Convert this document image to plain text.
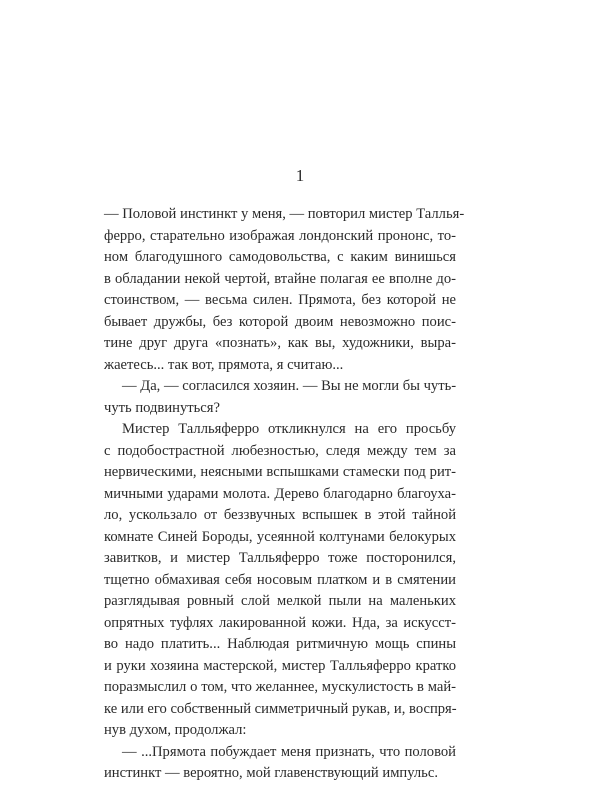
1
— Половой инстинкт у меня, — повторил мистер Таллья-
ферро, старательно изображая лондонский прононс, то-
ном благодушного самодовольства, с каким винишься
в обладании некой чертой, втайне полагая ее вполне до-
стоинством, — весьма силен. Прямота, без которой не
бывает дружбы, без которой двоим невозможно поис-
тине друг друга «познать», как вы, художники, выра-
жаетесь... так вот, прямота, я считаю...
— Да, — согласился хозяин. — Вы не могли бы чуть-
чуть подвинуться?
Мистер Талльяферро откликнулся на его просьбу
с подобострастной любезностью, следя между тем за
нервическими, неясными вспышками стамески под рит-
мичными ударами молота. Дерево благодарно благоуха-
ло, ускользало от беззвучных вспышек в этой тайной
комнате Синей Бороды, усеянной колтунами белокурых
завитков, и мистер Талльяферро тоже посторонился,
тщетно обмахивая себя носовым платком и в смятении
разглядывая ровный слой мелкой пыли на маленьких
опрятных туфлях лакированной кожи. Нда, за искусст-
во надо платить... Наблюдая ритмичную мощь спины
и руки хозяина мастерской, мистер Талльяферро кратко
поразмыслил о том, что желаннее, мускулистость в май-
ке или его собственный симметричный рукав, и, воспря-
нув духом, продолжал:
— ...Прямота побуждает меня признать, что половой
инстинкт — вероятно, мой главенствующий импульс.
